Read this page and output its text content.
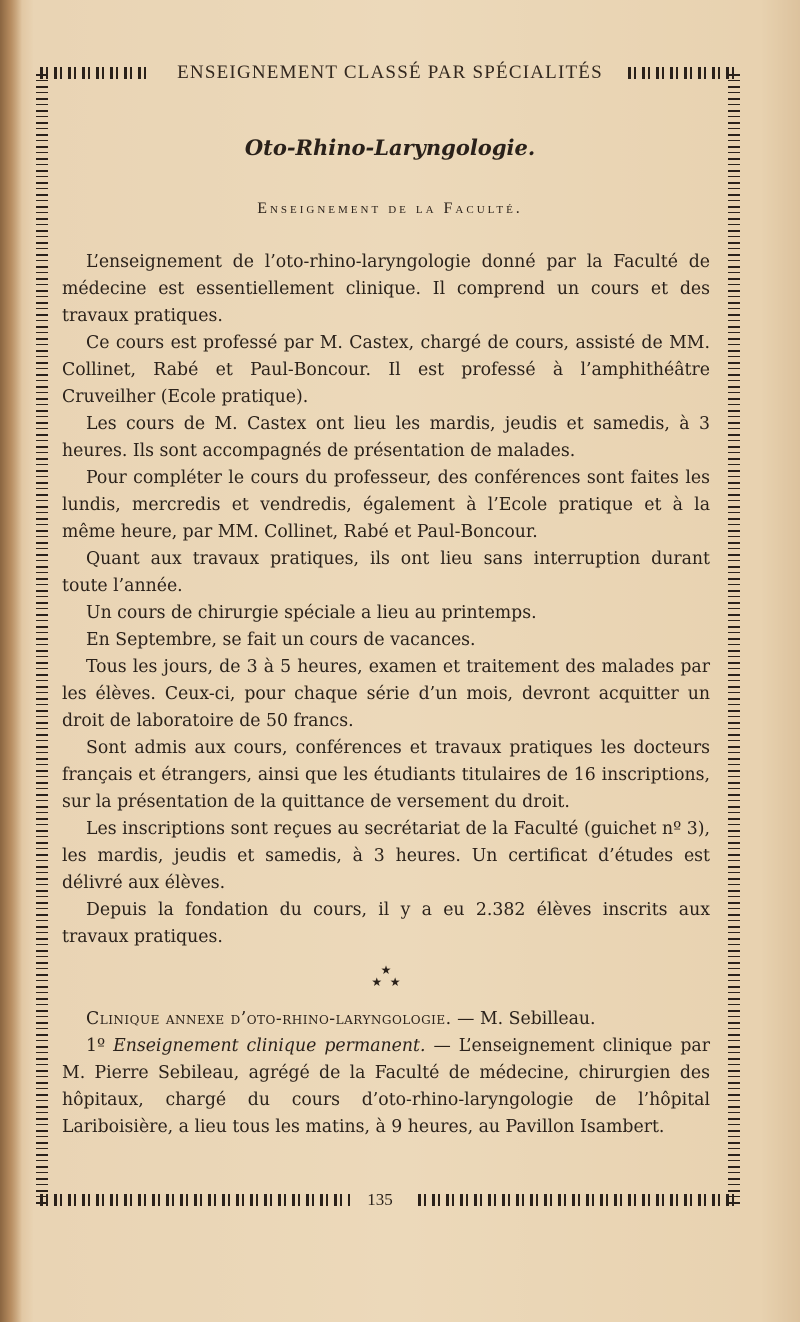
ENSEIGNEMENT CLASSÉ PAR SPÉCIALITÉS
Oto-Rhino-Laryngologie.
Enseignement de la Faculté.

L’enseignement de l’oto-rhino-laryngologie donné par la Faculté de médecine est essentiellement clinique. Il comprend un cours et des travaux pratiques.

Ce cours est professé par M. Castex, chargé de cours, assisté de MM. Collinet, Rabé et Paul-Boncour. Il est professé à l’amphithéâtre Cruveilher (Ecole pratique).

Les cours de M. Castex ont lieu les mardis, jeudis et samedis, à 3 heures. Ils sont accompagnés de présentation de malades.

Pour compléter le cours du professeur, des conférences sont faites les lundis, mercredis et vendredis, également à l’Ecole pratique et à la même heure, par MM. Collinet, Rabé et Paul-Boncour.

Quant aux travaux pratiques, ils ont lieu sans interruption durant toute l’année.

Un cours de chirurgie spéciale a lieu au printemps.

En Septembre, se fait un cours de vacances.

Tous les jours, de 3 à 5 heures, examen et traitement des malades par les élèves. Ceux-ci, pour chaque série d’un mois, devront acquitter un droit de laboratoire de 50 francs.

Sont admis aux cours, conférences et travaux pratiques les docteurs français et étrangers, ainsi que les étudiants titulaires de 16 inscriptions, sur la présentation de la quittance de versement du droit.

Les inscriptions sont reçues au secrétariat de la Faculté (guichet nº 3), les mardis, jeudis et samedis, à 3 heures. Un certificat d’études est délivré aux élèves.

Depuis la fondation du cours, il y a eu 2.382 élèves inscrits aux travaux pratiques.

★
★  ★

Clinique annexe d’oto-rhino-laryngologie. — M. Sebilleau.

1º Enseignement clinique permanent. — L’enseignement clinique par M. Pierre Sebileau, agrégé de la Faculté de médecine, chirurgien des hôpitaux, chargé du cours d’oto-rhino-laryngologie de l’hôpital Lariboisière, a lieu tous les matins, à 9 heures, au Pavillon Isambert.

135
